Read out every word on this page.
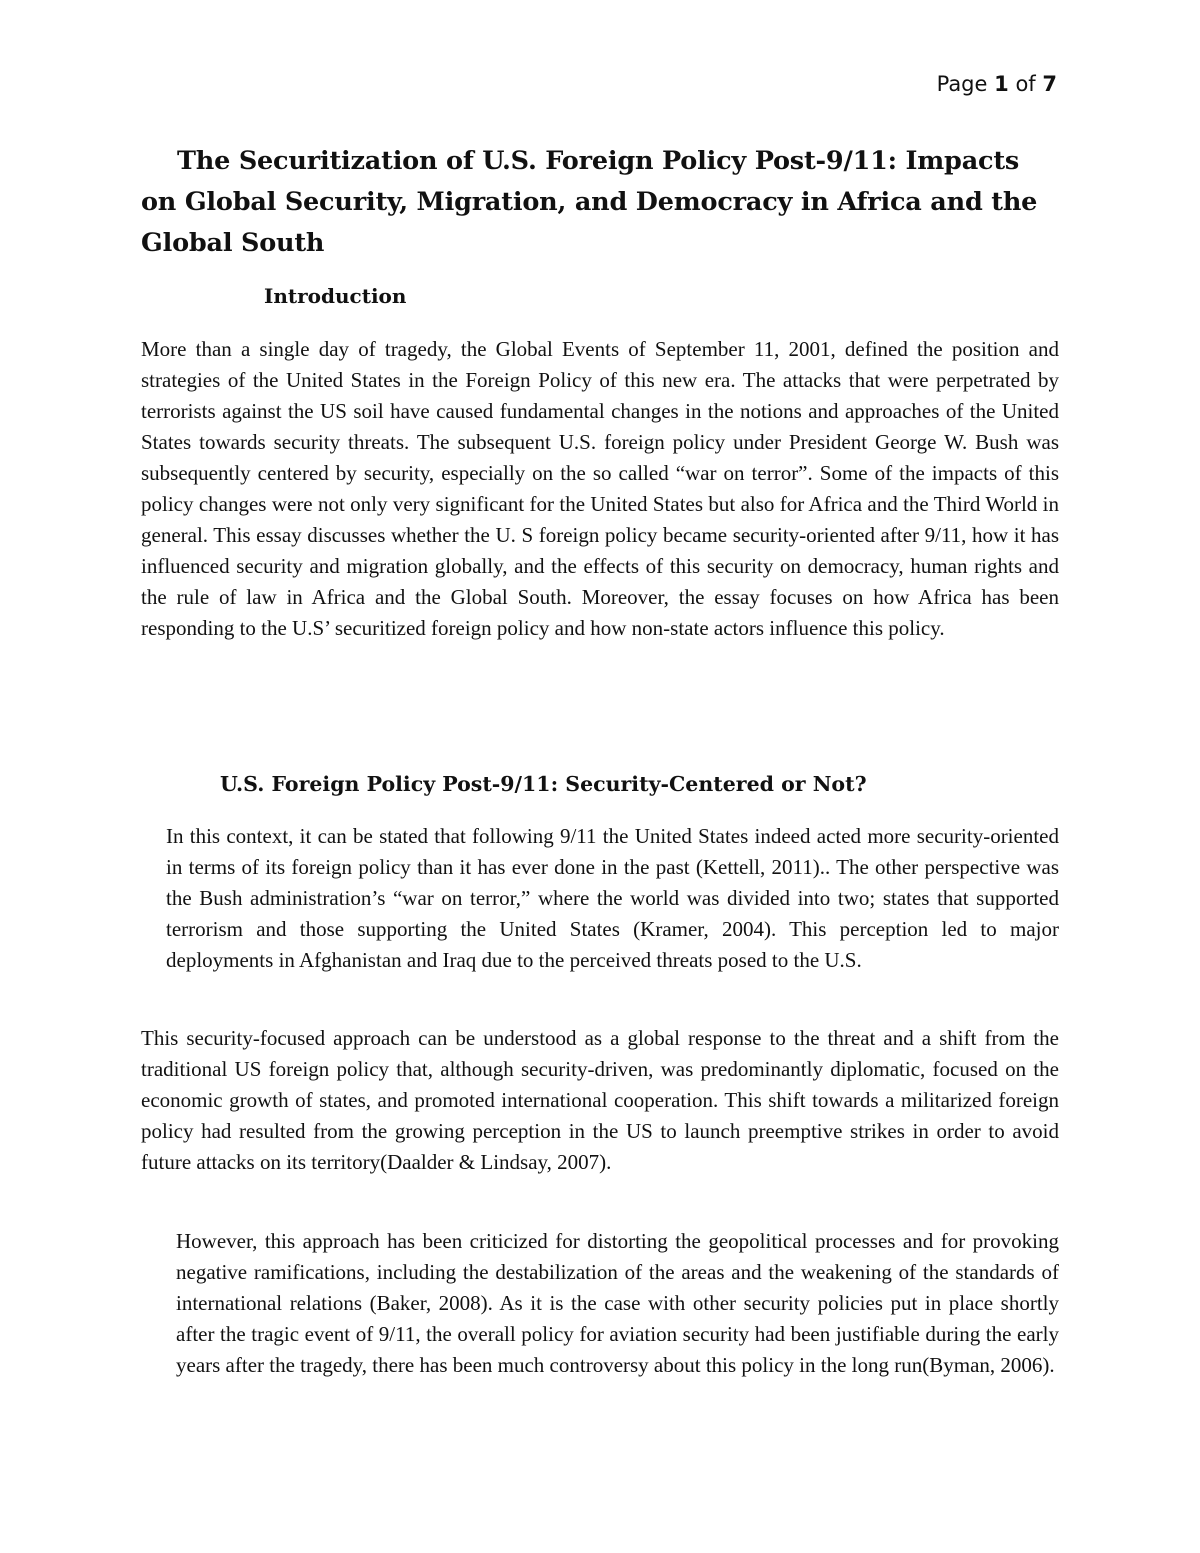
Page 1 of 7
The Securitization of U.S. Foreign Policy Post-9/11: Impacts on Global Security, Migration, and Democracy in Africa and the Global South
Introduction

More than a single day of tragedy, the Global Events of September 11, 2001, defined the position and strategies of the United States in the Foreign Policy of this new era. The attacks that were perpetrated by terrorists against the US soil have caused fundamental changes in the notions and approaches of the United States towards security threats. The subsequent U.S. foreign policy under President George W. Bush was subsequently centered by security, especially on the so called “war on terror”. Some of the impacts of this policy changes were not only very significant for the United States but also for Africa and the Third World in general. This essay discusses whether the U. S foreign policy became security-oriented after 9/11, how it has influenced security and migration globally, and the effects of this security on democracy, human rights and the rule of law in Africa and the Global South. Moreover, the essay focuses on how Africa has been responding to the U.S’ securitized foreign policy and how non-state actors influence this policy.

U.S. Foreign Policy Post-9/11: Security-Centered or Not?

In this context, it can be stated that following 9/11 the United States indeed acted more security-oriented in terms of its foreign policy than it has ever done in the past (Kettell, 2011).. The other perspective was the Bush administration’s “war on terror,” where the world was divided into two; states that supported terrorism and those supporting the United States (Kramer, 2004). This perception led to major deployments in Afghanistan and Iraq due to the perceived threats posed to the U.S.

This security-focused approach can be understood as a global response to the threat and a shift from the traditional US foreign policy that, although security-driven, was predominantly diplomatic, focused on the economic growth of states, and promoted international cooperation. This shift towards a militarized foreign policy had resulted from the growing perception in the US to launch preemptive strikes in order to avoid future attacks on its territory(Daalder & Lindsay, 2007).

However, this approach has been criticized for distorting the geopolitical processes and for provoking negative ramifications, including the destabilization of the areas and the weakening of the standards of international relations (Baker, 2008). As it is the case with other security policies put in place shortly after the tragic event of 9/11, the overall policy for aviation security had been justifiable during the early years after the tragedy, there has been much controversy about this policy in the long run(Byman, 2006).
